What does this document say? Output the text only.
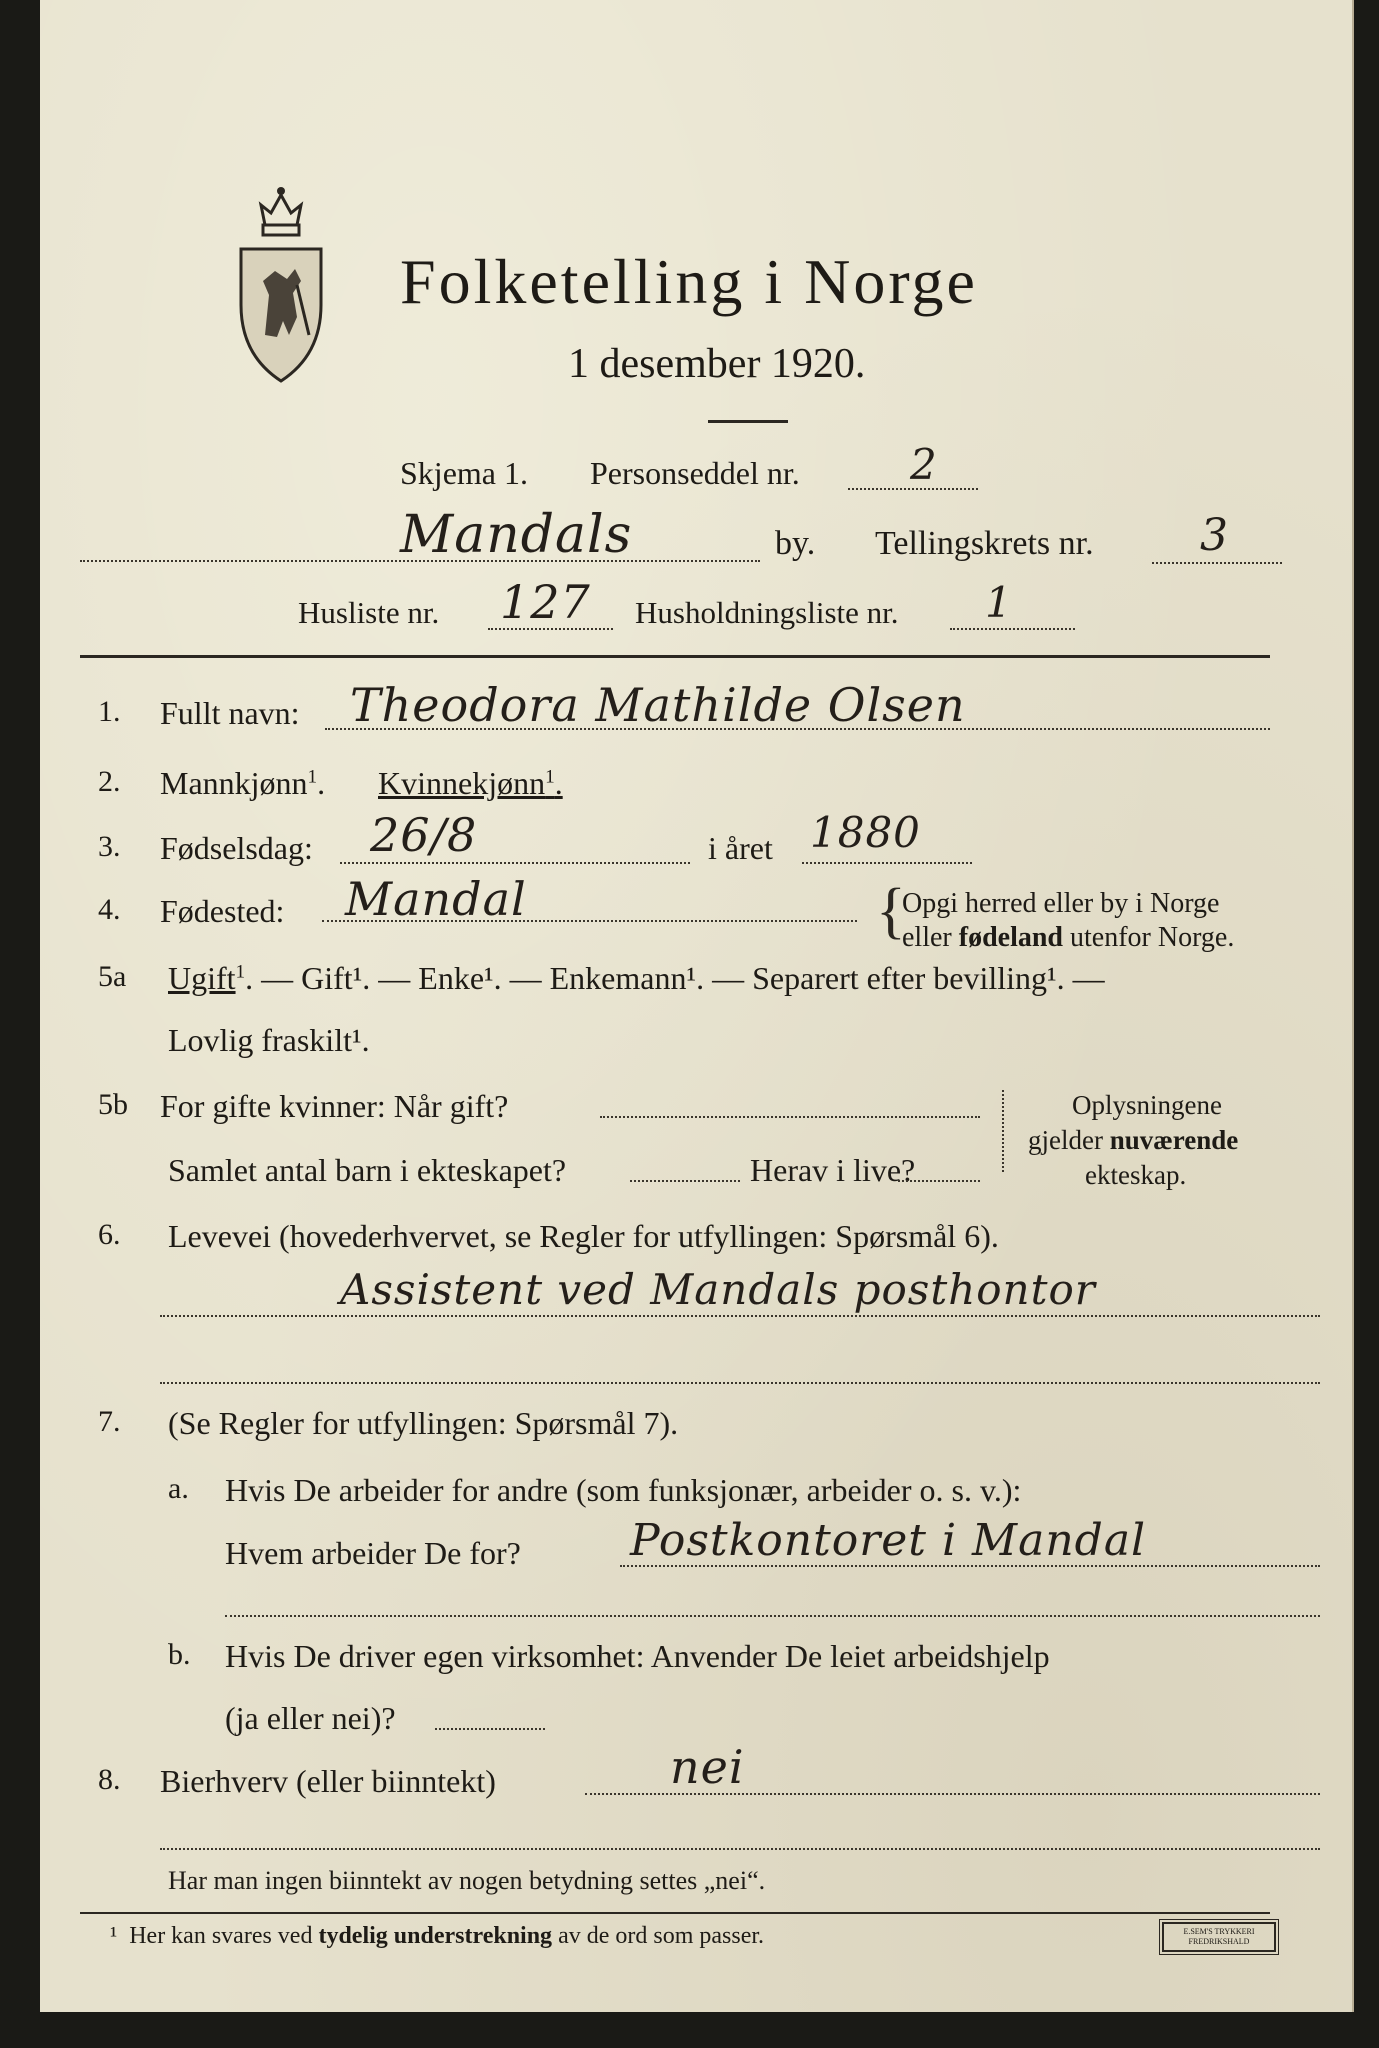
Folketelling i Norge
1 desember 1920.
Skjema 1. Personseddel nr.	2
Mandals	by. Tellingskrets nr. 3
Husliste nr. 127 Husholdningsliste nr. 1
1. Fullt navn: Theodora Mathilde Olsen
2. Mannkjønn$^1$. Kvinnekjønn$^1$.
3. Fødselsdag: 26/8	i året 1880
4. Fødested: Mandal	{
Opgi herred eller by i Norge
eller fødeland utenfor Norge.
5a Ugift$^1$. — Gift¹. — Enke¹. — Enkemann¹. — Separert efter bevilling¹. —
Lovlig fraskilt¹.
5b For gifte kvinner: Når gift?
Samlet antal barn i ekteskapet?	Herav i live?
Oplysningene
gjelder nuværende
ekteskap.
6. Levevei (hovederhvervet, se Regler for utfyllingen: Spørsmål 6).
Assistent ved Mandals posthontor
7. (Se Regler for utfyllingen: Spørsmål 7).
a. Hvis De arbeider for andre (som funksjonær, arbeider o. s. v.):
Hvem arbeider De for? Postkontoret i Mandal
b. Hvis De driver egen virksomhet: Anvender De leiet arbeidshjelp
(ja eller nei)?
8. Bierhverv (eller biinntekt)	nei
Har man ingen biinntekt av nogen betydning settes „nei“.
¹ Her kan svares ved tydelig understrekning av de ord som passer.	E.SEM'S TRYKKERI
FREDRIKSHALD
